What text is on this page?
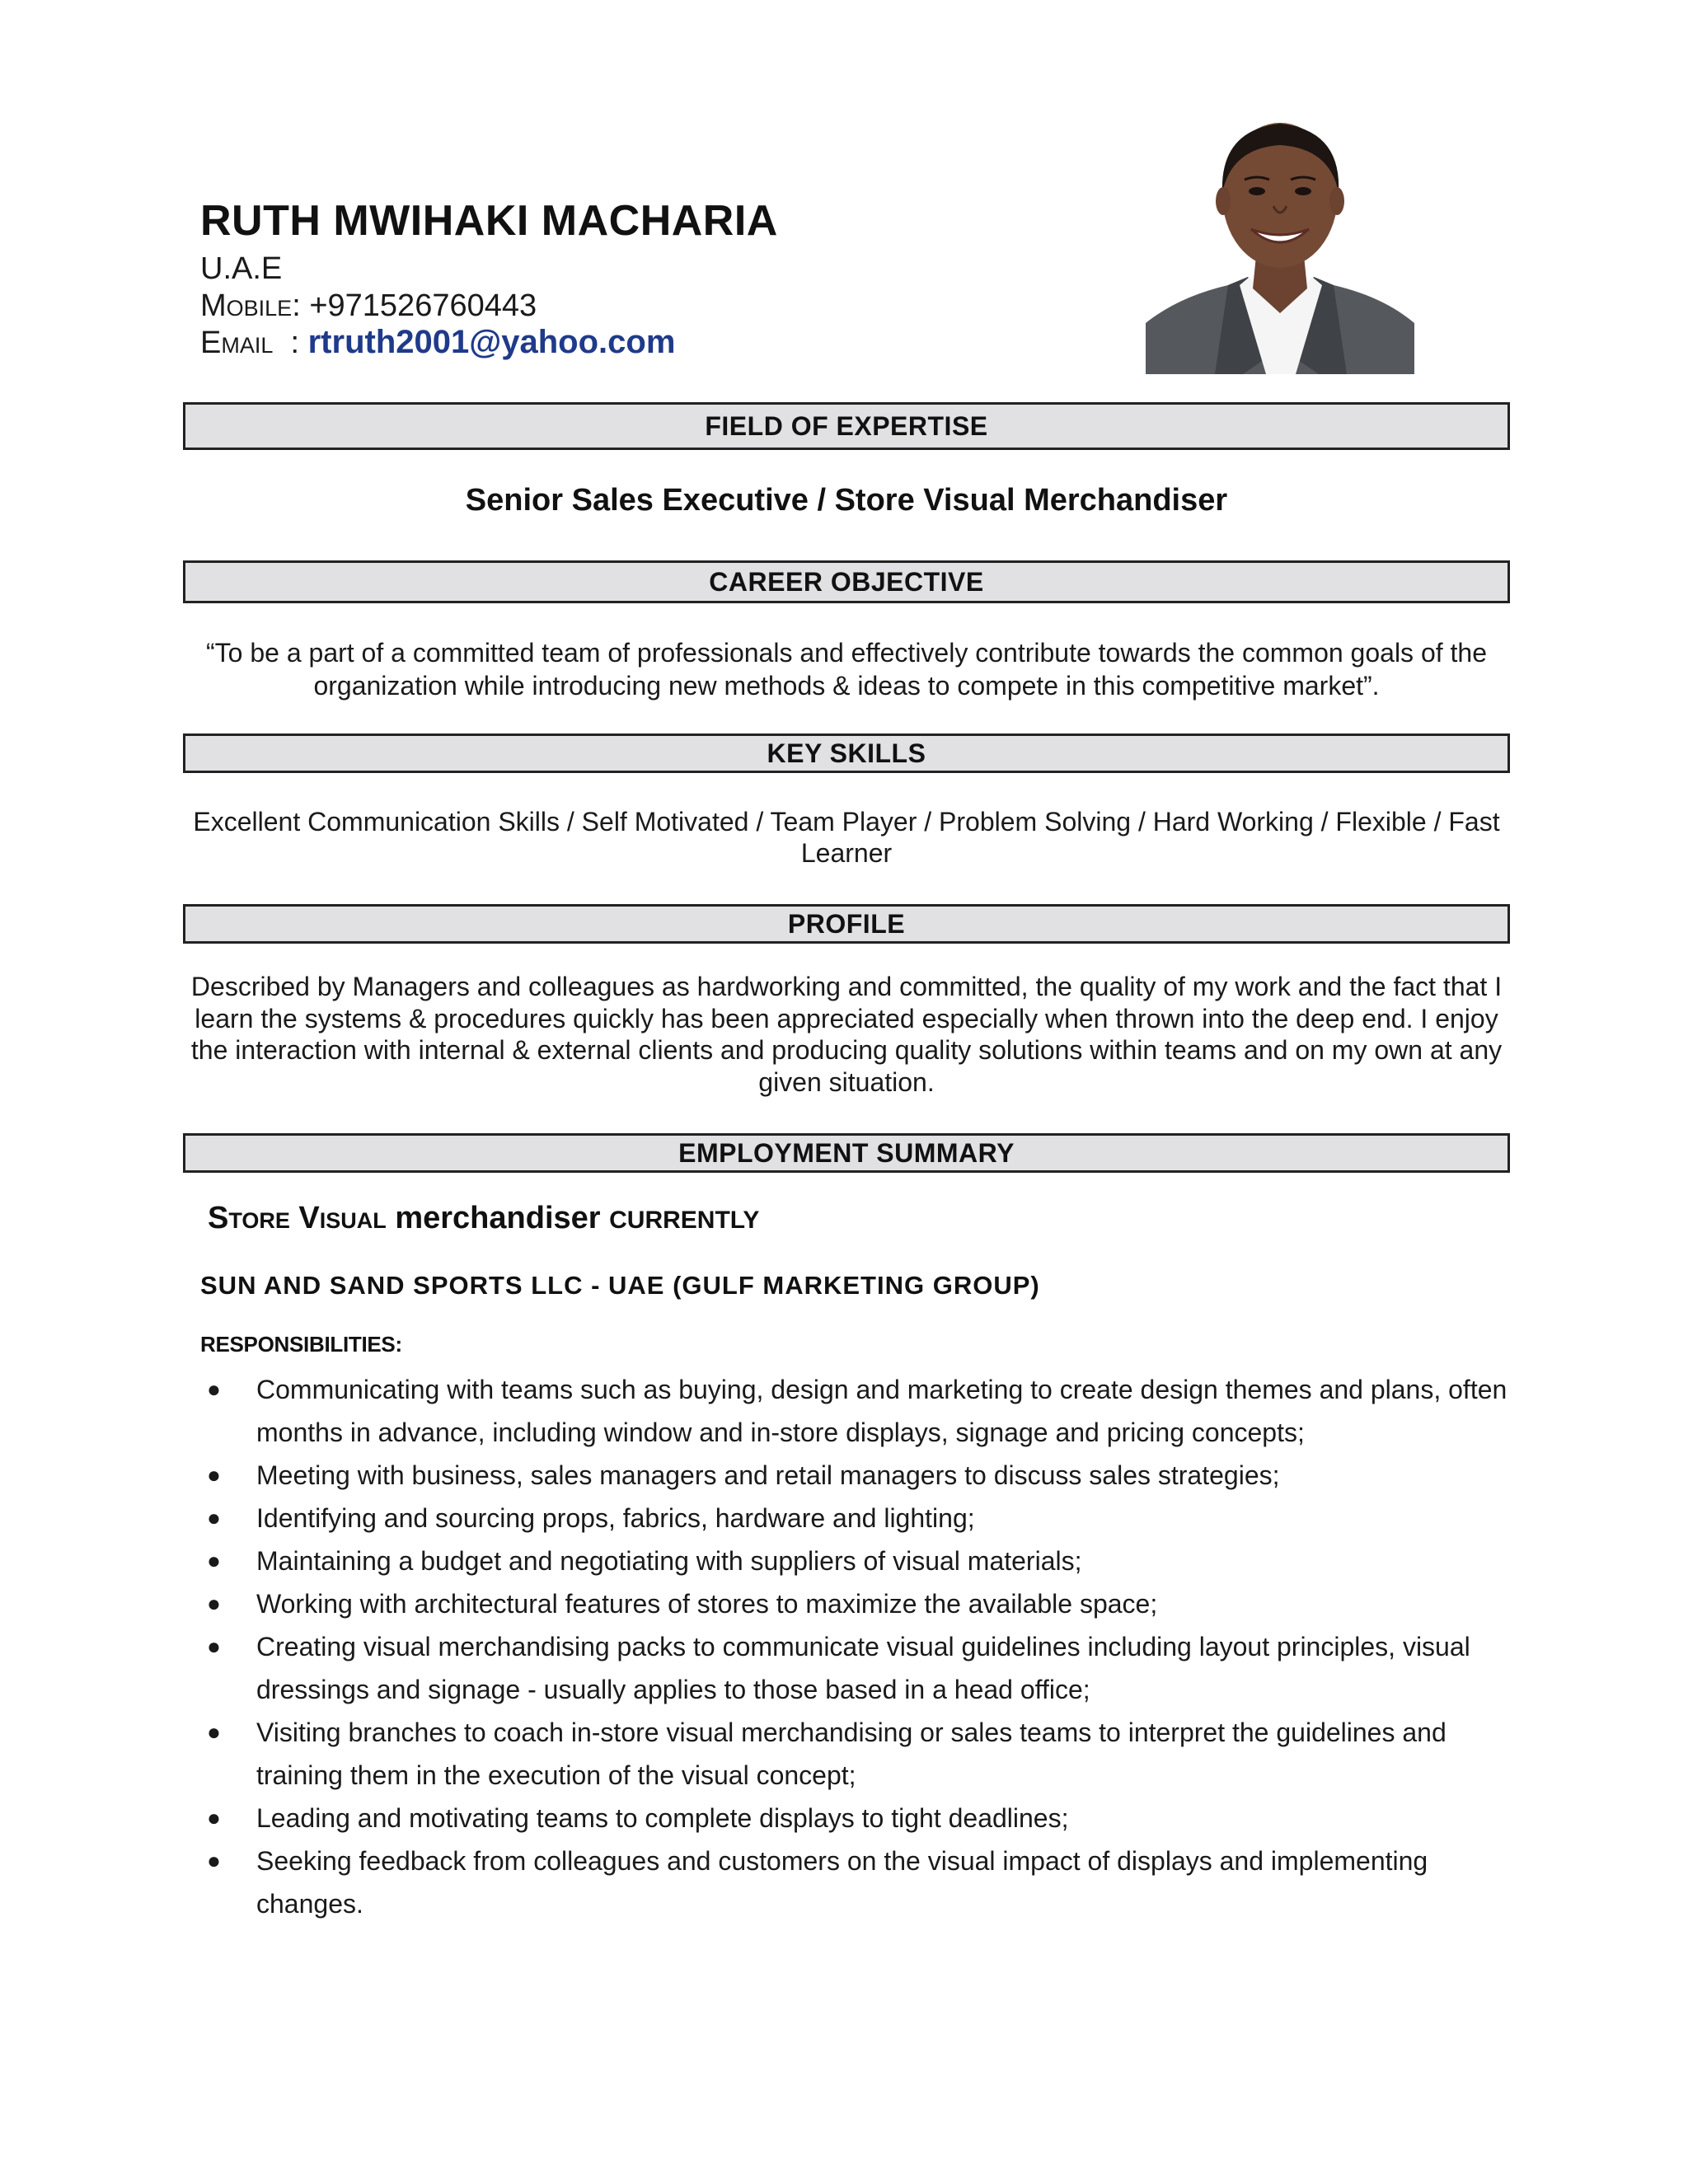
RUTH MWIHAKI MACHARIA

U.A.E

Mobile: +971526760443

Email  : rtruth2001@yahoo.com

FIELD OF EXPERTISE

Senior Sales Executive / Store Visual Merchandiser

CAREER OBJECTIVE

“To be a part of a committed team of professionals and effectively contribute towards the common goals of the organization while introducing new methods & ideas to compete in this competitive market”.

KEY SKILLS

Excellent Communication Skills / Self Motivated / Team Player / Problem Solving / Hard Working / Flexible / Fast Learner

PROFILE

Described by Managers and colleagues as hardworking and committed, the quality of my work and the fact that I learn the systems & procedures quickly has been appreciated especially when thrown into the deep end. I enjoy the interaction with internal & external clients and producing quality solutions within teams and on my own at any given situation.

EMPLOYMENT SUMMARY

Store Visual merchandiser CURRENTLY

SUN AND SAND SPORTS LLC - UAE (GULF MARKETING GROUP)

RESPONSIBILITIES:

● Communicating with teams such as buying, design and marketing to create design themes and plans, often months in advance, including window and in-store displays, signage and pricing concepts;
● Meeting with business, sales managers and retail managers to discuss sales strategies;
● Identifying and sourcing props, fabrics, hardware and lighting;
● Maintaining a budget and negotiating with suppliers of visual materials;
● Working with architectural features of stores to maximize the available space;
● Creating visual merchandising packs to communicate visual guidelines including layout principles, visual dressings and signage - usually applies to those based in a head office;
● Visiting branches to coach in-store visual merchandising or sales teams to interpret the guidelines and training them in the execution of the visual concept;
● Leading and motivating teams to complete displays to tight deadlines;
● Seeking feedback from colleagues and customers on the visual impact of displays and implementing changes.
